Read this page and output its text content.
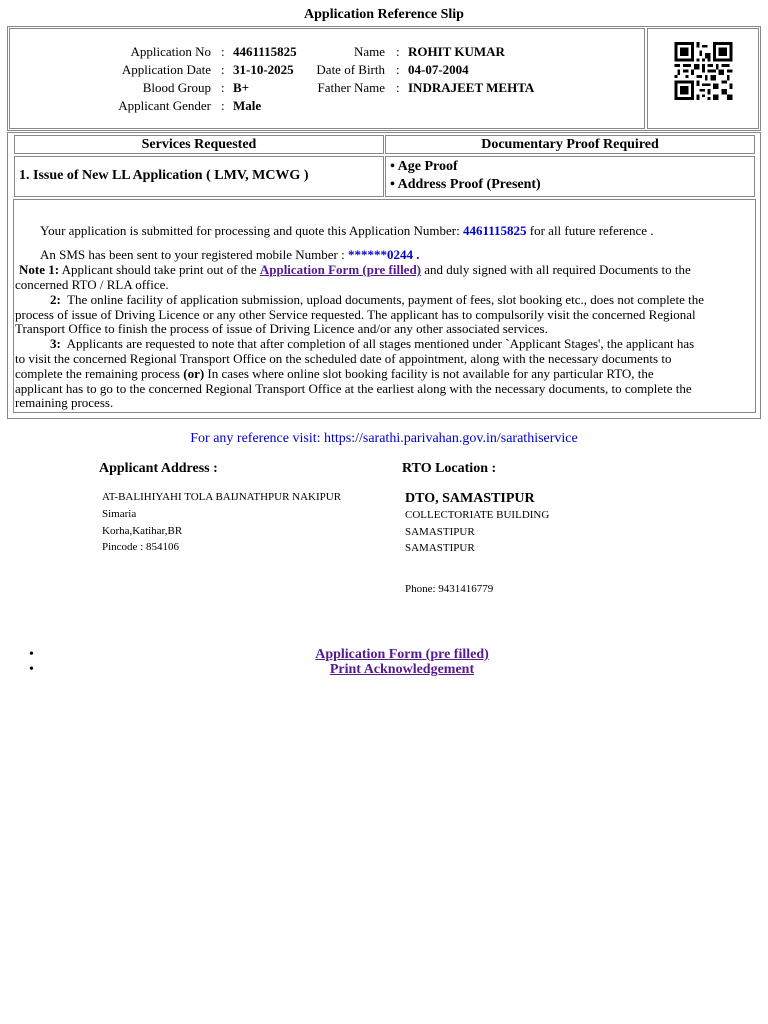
Application Reference Slip
Application No
Application Date
Blood Group
Applicant Gender
:
:
:
:
4461115825
31-10-2025
B+
Male
Name
Date of Birth
Father Name
:
:
:
ROHIT KUMAR
04-07-2004
INDRAJEET MEHTA
Services Requested	Documentary Proof Required
1. Issue of New LL Application ( LMV, MCWG )
• Age Proof
• Address Proof (Present)
Your application is submitted for processing and quote this Application Number: 4461115825 for all future reference .
An SMS has been sent to your registered mobile Number : ******0244 .
Note 1: Applicant should take print out of the Application Form (pre filled) and duly signed with all required Documents to the
concerned RTO / RLA office.
2: The online facility of application submission, upload documents, payment of fees, slot booking etc., does not complete the
process of issue of Driving Licence or any other Service requested. The applicant has to compulsorily visit the concerned Regional
Transport Office to finish the process of issue of Driving Licence and/or any other associated services.
3: Applicants are requested to note that after completion of all stages mentioned under `Applicant Stages', the applicant has
to visit the concerned Regional Transport Office on the scheduled date of appointment, along with the necessary documents to
complete the remaining process (or) In cases where online slot booking facility is not available for any particular RTO, the
applicant has to go to the concerned Regional Transport Office at the earliest along with the necessary documents, to complete the
remaining process.
For any reference visit: https://sarathi.parivahan.gov.in/sarathiservice
Applicant Address :
AT-BALIHIYAHI TOLA BAIJNATHPUR NAKIPUR
Simaria
Korha,Katihar,BR
Pincode : 854106
RTO Location :
DTO, SAMASTIPUR
COLLECTORIATE BUILDING
SAMASTIPUR
SAMASTIPUR
Phone: 9431416779
•
•
Application Form (pre filled)
Print Acknowledgement
